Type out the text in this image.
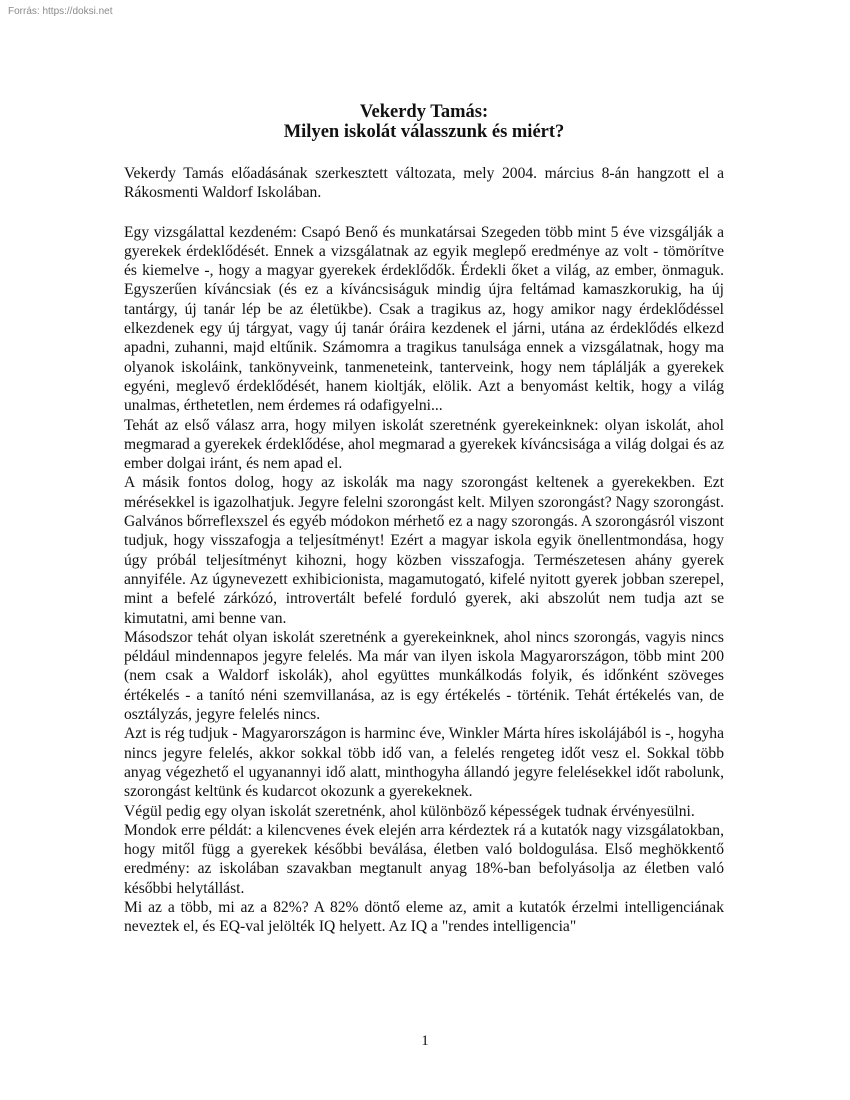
Forrás: https://doksi.net
Vekerdy Tamás:
Milyen iskolát válasszunk és miért?

Vekerdy Tamás előadásának szerkesztett változata, mely 2004. március 8-án hangzott el a Rákosmenti Waldorf Iskolában.

Egy vizsgálattal kezdeném: Csapó Benő és munkatársai Szegeden több mint 5 éve vizsgálják a gyerekek érdeklődését. Ennek a vizsgálatnak az egyik meglepő eredménye az volt - tömörítve és kiemelve -, hogy a magyar gyerekek érdeklődők. Érdekli őket a világ, az ember, önmaguk. Egyszerűen kíváncsiak (és ez a kíváncsiságuk mindig újra feltámad kamaszkorukig, ha új tantárgy, új tanár lép be az életükbe). Csak a tragikus az, hogy amikor nagy érdeklődéssel elkezdenek egy új tárgyat, vagy új tanár óráira kezdenek el járni, utána az érdeklődés elkezd apadni, zuhanni, majd eltűnik. Számomra a tragikus tanulsága ennek a vizsgálatnak, hogy ma olyanok iskoláink, tankönyveink, tanmeneteink, tanterveink, hogy nem táplálják a gyerekek egyéni, meglevő érdeklődését, hanem kioltják, elölik. Azt a benyomást keltik, hogy a világ unalmas, érthetetlen, nem érdemes rá odafigyelni...

Tehát az első válasz arra, hogy milyen iskolát szeretnénk gyerekeinknek: olyan iskolát, ahol megmarad a gyerekek érdeklődése, ahol megmarad a gyerekek kíváncsisága a világ dolgai és az ember dolgai iránt, és nem apad el.

A másik fontos dolog, hogy az iskolák ma nagy szorongást keltenek a gyerekekben. Ezt mérésekkel is igazolhatjuk. Jegyre felelni szorongást kelt. Milyen szorongást? Nagy szorongást. Galvános bőrreflexszel és egyéb módokon mérhető ez a nagy szorongás. A szorongásról viszont tudjuk, hogy visszafogja a teljesítményt! Ezért a magyar iskola egyik önellentmondása, hogy úgy próbál teljesítményt kihozni, hogy közben visszafogja. Természetesen ahány gyerek annyiféle. Az úgynevezett exhibicionista, magamutogató, kifelé nyitott gyerek jobban szerepel, mint a befelé zárkózó, introvertált befelé forduló gyerek, aki abszolút nem tudja azt se kimutatni, ami benne van.

Másodszor tehát olyan iskolát szeretnénk a gyerekeinknek, ahol nincs szorongás, vagyis nincs például mindennapos jegyre felelés. Ma már van ilyen iskola Magyarországon, több mint 200 (nem csak a Waldorf iskolák), ahol együttes munkálkodás folyik, és időnként szöveges értékelés - a tanító néni szemvillanása, az is egy értékelés - történik. Tehát értékelés van, de osztályzás, jegyre felelés nincs.

Azt is rég tudjuk - Magyarországon is harminc éve, Winkler Márta híres iskolájából is -, hogyha nincs jegyre felelés, akkor sokkal több idő van, a felelés rengeteg időt vesz el. Sokkal több anyag végezhető el ugyanannyi idő alatt, minthogyha állandó jegyre felelésekkel időt rabolunk, szorongást keltünk és kudarcot okozunk a gyerekeknek.

Végül pedig egy olyan iskolát szeretnénk, ahol különböző képességek tudnak érvényesülni.

Mondok erre példát: a kilencvenes évek elején arra kérdeztek rá a kutatók nagy vizsgálatokban, hogy mitől függ a gyerekek későbbi beválása, életben való boldogulása. Első meghökkentő eredmény: az iskolában szavakban megtanult anyag 18%-ban befolyásolja az életben való későbbi helytállást.

Mi az a több, mi az a 82%? A 82% döntő eleme az, amit a kutatók érzelmi intelligenciának neveztek el, és EQ-val jelölték IQ helyett. Az IQ a "rendes intelligencia"

1
